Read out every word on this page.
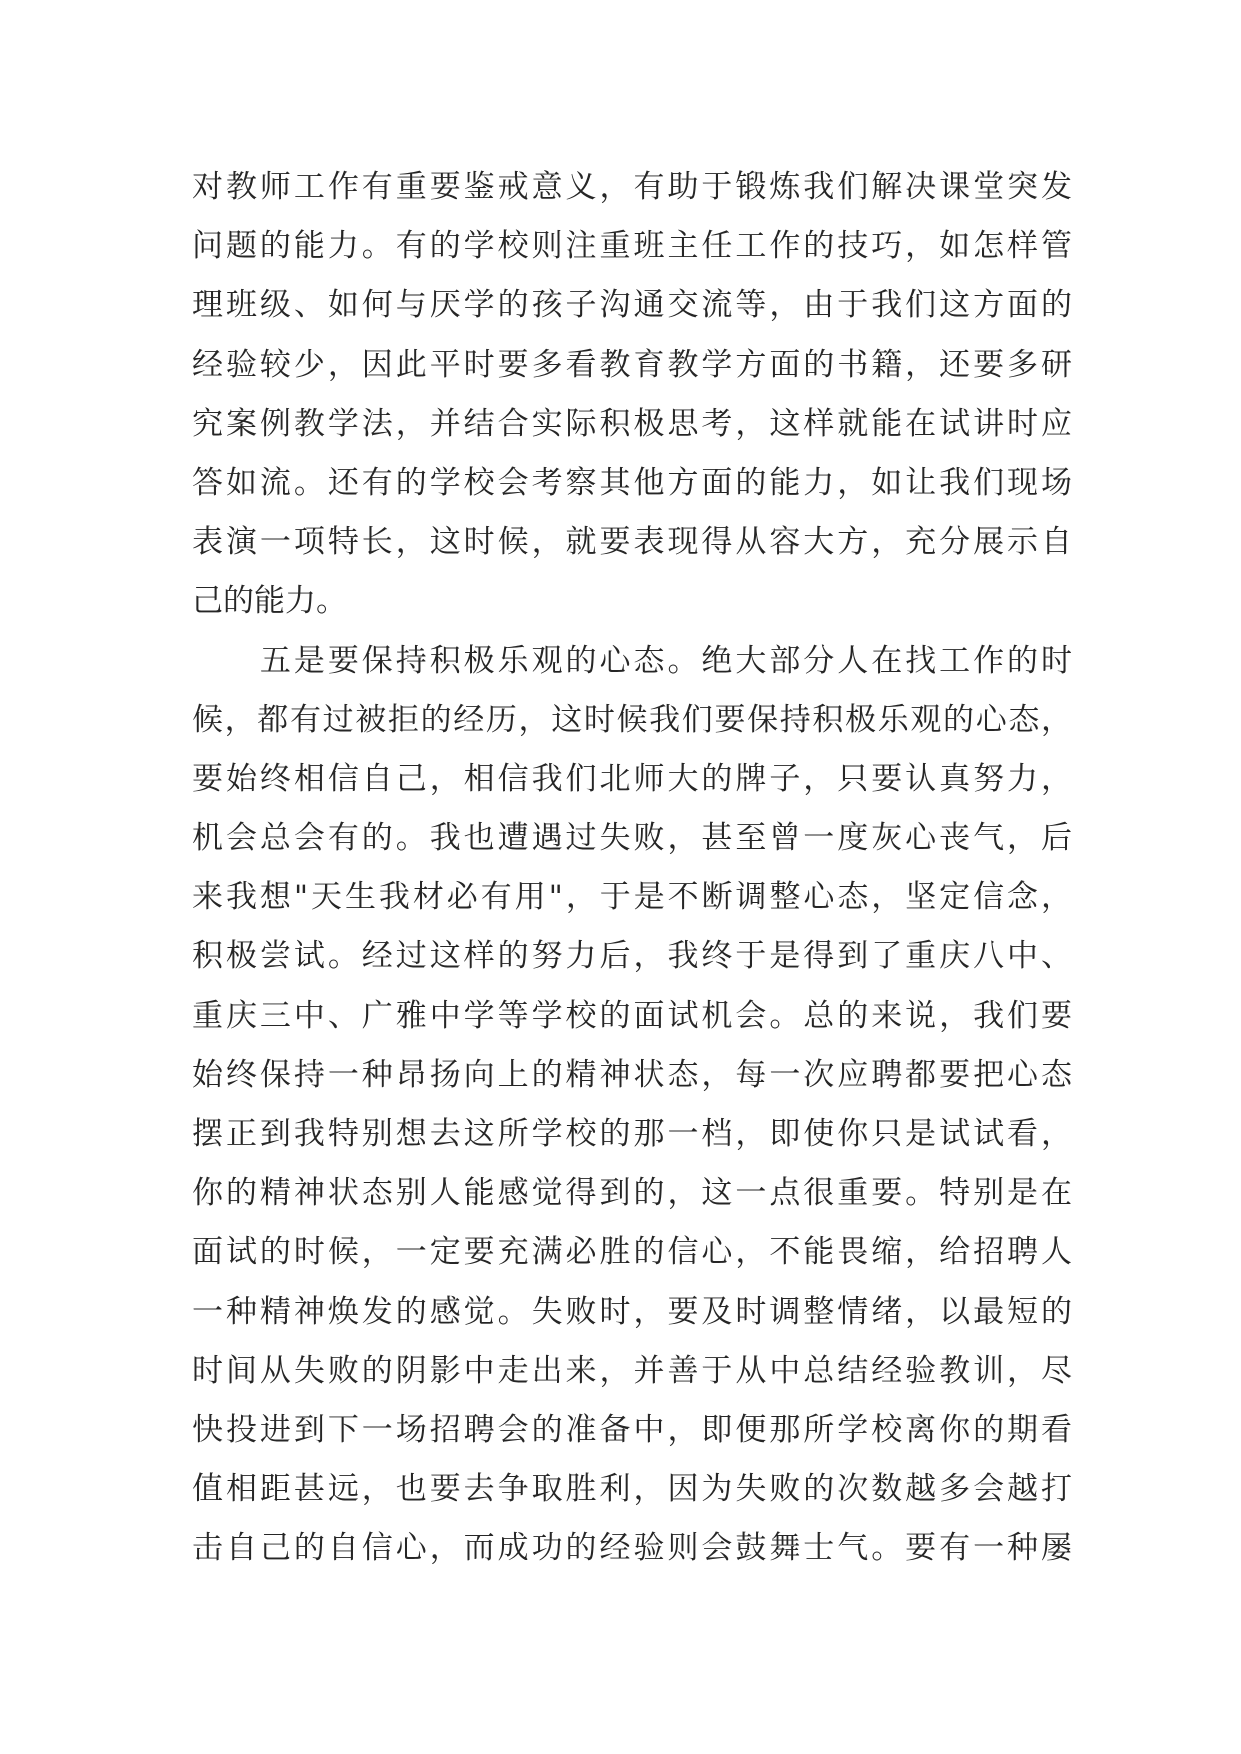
对教师工作有重要鉴戒意义，有助于锻炼我们解决课堂突发
问题的能力。有的学校则注重班主任工作的技巧，如怎样管
理班级、如何与厌学的孩子沟通交流等，由于我们这方面的
经验较少，因此平时要多看教育教学方面的书籍，还要多研
究案例教学法，并结合实际积极思考，这样就能在试讲时应
答如流。还有的学校会考察其他方面的能力，如让我们现场
表演一项特长，这时候，就要表现得从容大方，充分展示自
己的能力。
　　五是要保持积极乐观的心态。绝大部分人在找工作的时
候，都有过被拒的经历，这时候我们要保持积极乐观的心态，
要始终相信自己，相信我们北师大的牌子，只要认真努力，
机会总会有的。我也遭遇过失败，甚至曾一度灰心丧气，后
来我想"天生我材必有用"，于是不断调整心态，坚定信念，
积极尝试。经过这样的努力后，我终于是得到了重庆八中、
重庆三中、广雅中学等学校的面试机会。总的来说，我们要
始终保持一种昂扬向上的精神状态，每一次应聘都要把心态
摆正到我特别想去这所学校的那一档，即使你只是试试看，
你的精神状态别人能感觉得到的，这一点很重要。特别是在
面试的时候，一定要充满必胜的信心，不能畏缩，给招聘人
一种精神焕发的感觉。失败时，要及时调整情绪，以最短的
时间从失败的阴影中走出来，并善于从中总结经验教训，尽
快投进到下一场招聘会的准备中，即便那所学校离你的期看
值相距甚远，也要去争取胜利，因为失败的次数越多会越打
击自己的自信心，而成功的经验则会鼓舞士气。要有一种屡
